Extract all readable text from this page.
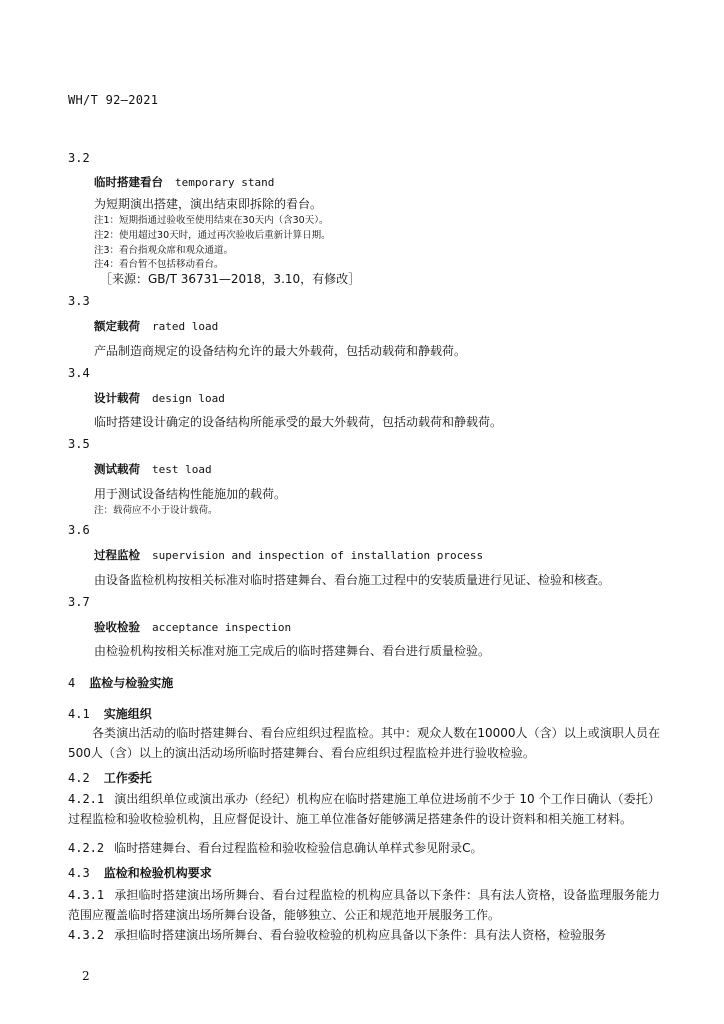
WH/T 92—2021
3.2
临时搭建看台 temporary stand
为短期演出搭建，演出结束即拆除的看台。
注1：短期指通过验收至使用结束在30天内（含30天）。
注2：使用超过30天时，通过再次验收后重新计算日期。
注3：看台指观众席和观众通道。
注4：看台暂不包括移动看台。
［来源：GB/T 36731—2018，3.10，有修改］
3.3
额定载荷 rated load
产品制造商规定的设备结构允许的最大外载荷，包括动载荷和静载荷。
3.4
设计载荷 design load
临时搭建设计确定的设备结构所能承受的最大外载荷，包括动载荷和静载荷。
3.5
测试载荷 test load
用于测试设备结构性能施加的载荷。
注：载荷应不小于设计载荷。
3.6
过程监检 supervision and inspection of installation process
由设备监检机构按相关标准对临时搭建舞台、看台施工过程中的安装质量进行见证、检验和核查。
3.7
验收检验 acceptance inspection
由检验机构按相关标准对施工完成后的临时搭建舞台、看台进行质量检验。
4 监检与检验实施
4.1 实施组织
各类演出活动的临时搭建舞台、看台应组织过程监检。其中：观众人数在10000人（含）以上或演职人员在500人（含）以上的演出活动场所临时搭建舞台、看台应组织过程监检并进行验收检验。
4.2 工作委托
4.2.1 演出组织单位或演出承办（经纪）机构应在临时搭建施工单位进场前不少于 10 个工作日确认（委托）过程监检和验收检验机构，且应督促设计、施工单位准备好能够满足搭建条件的设计资料和相关施工材料。
4.2.2 临时搭建舞台、看台过程监检和验收检验信息确认单样式参见附录C。
4.3 监检和检验机构要求
4.3.1 承担临时搭建演出场所舞台、看台过程监检的机构应具备以下条件：具有法人资格，设备监理服务能力范围应覆盖临时搭建演出场所舞台设备，能够独立、公正和规范地开展服务工作。
4.3.2 承担临时搭建演出场所舞台、看台验收检验的机构应具备以下条件：具有法人资格，检验服务
2
